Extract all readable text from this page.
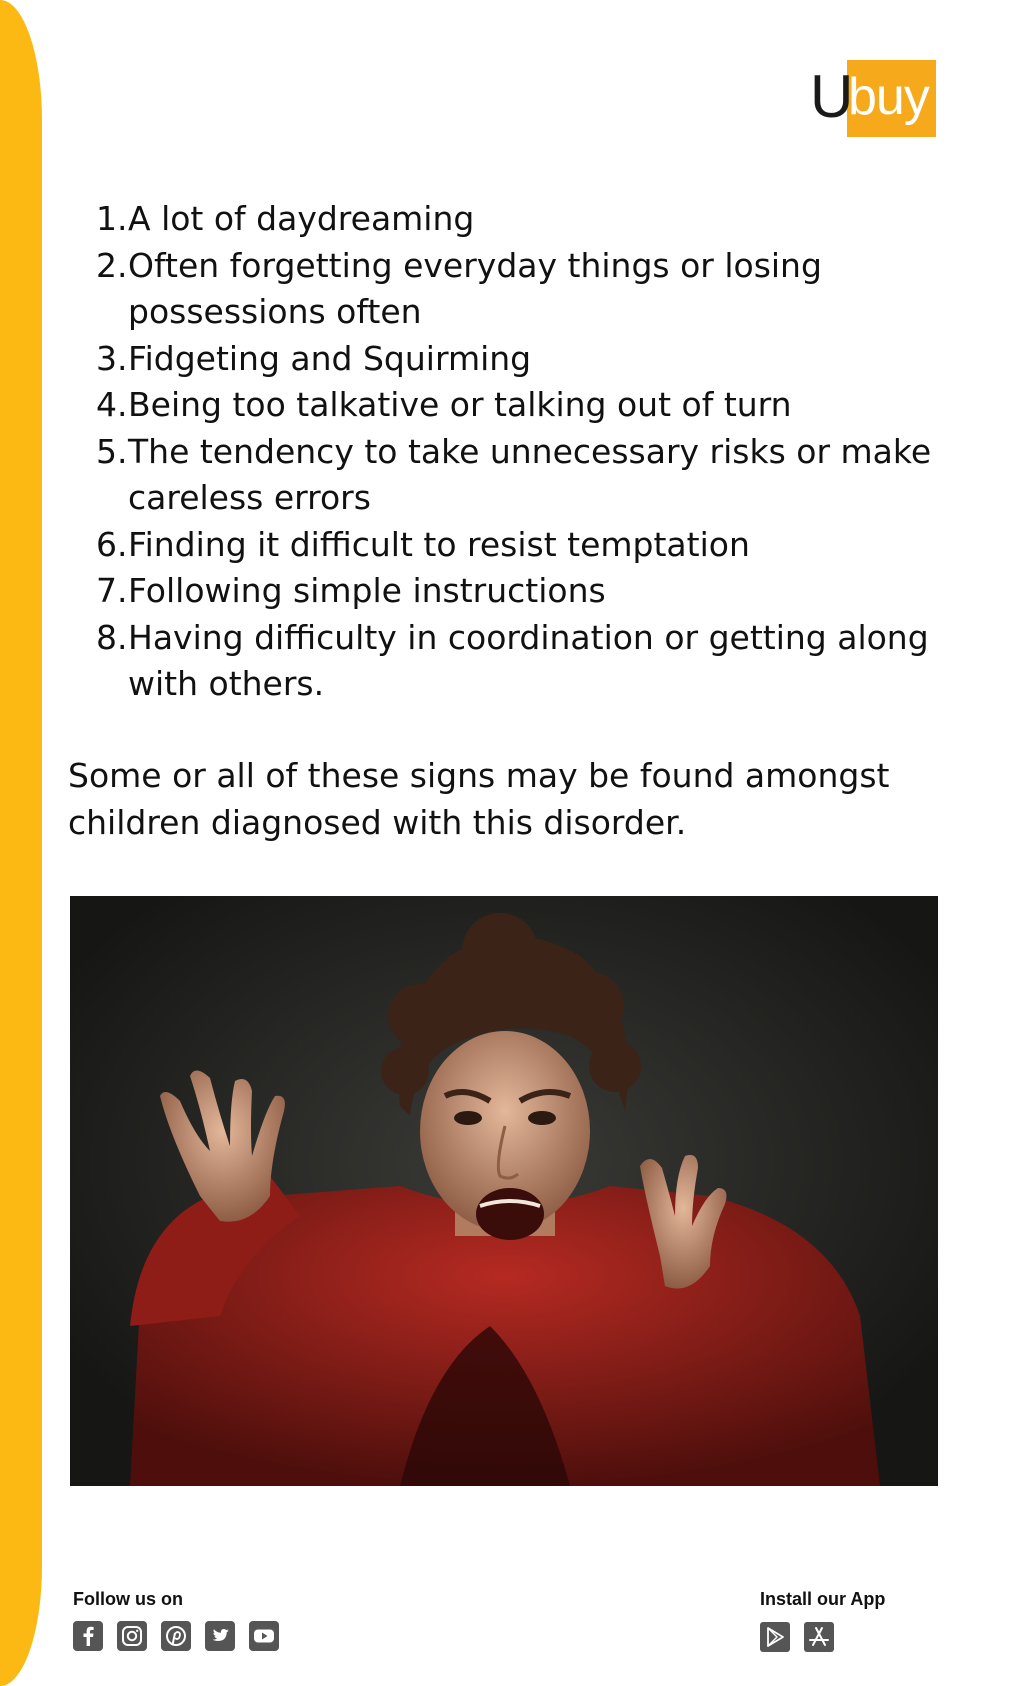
U
buy
1. A lot of daydreaming
2. Often forgetting everyday things or losing possessions often
3. Fidgeting and Squirming
4. Being too talkative or talking out of turn
5. The tendency to take unnecessary risks or make careless errors
6. Finding it difficult to resist temptation
7. Following simple instructions
8. Having difficulty in coordination or getting along with others.

Some or all of these signs may be found amongst children diagnosed with this disorder.

Follow us on	Install our App
